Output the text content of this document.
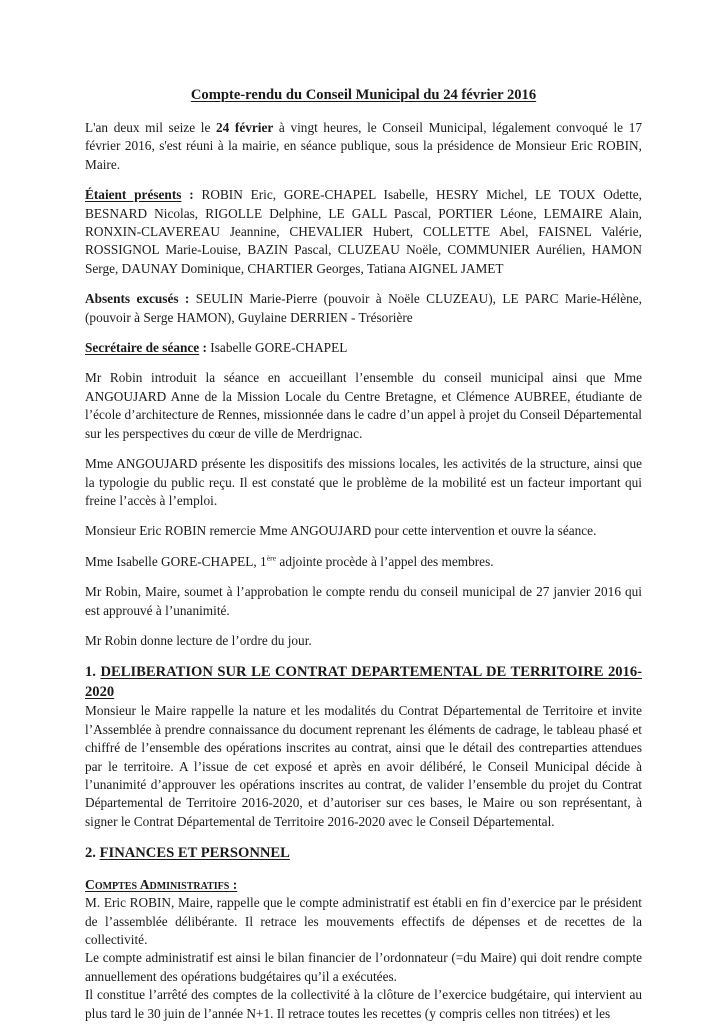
Compte-rendu du Conseil Municipal du 24 février 2016

L'an deux mil seize le 24 février à vingt heures, le Conseil Municipal, légalement convoqué le 17 février 2016, s'est réuni à la mairie, en séance publique, sous la présidence de Monsieur Eric ROBIN, Maire.

Étaient présents : ROBIN Eric, GORE-CHAPEL Isabelle, HESRY Michel, LE TOUX Odette, BESNARD Nicolas, RIGOLLE Delphine, LE GALL Pascal, PORTIER Léone, LEMAIRE Alain, RONXIN-CLAVEREAU Jeannine, CHEVALIER Hubert, COLLETTE Abel, FAISNEL Valérie, ROSSIGNOL Marie-Louise, BAZIN Pascal, CLUZEAU Noële, COMMUNIER Aurélien, HAMON Serge, DAUNAY Dominique, CHARTIER Georges, Tatiana AIGNEL JAMET

Absents excusés : SEULIN Marie-Pierre (pouvoir à Noële CLUZEAU), LE PARC Marie-Hélène, (pouvoir à Serge HAMON), Guylaine DERRIEN - Trésorière

Secrétaire de séance : Isabelle GORE-CHAPEL

Mr Robin introduit la séance en accueillant l’ensemble du conseil municipal ainsi que Mme ANGOUJARD Anne de la Mission Locale du Centre Bretagne, et Clémence AUBREE, étudiante de l’école d’architecture de Rennes, missionnée dans le cadre d’un appel à projet du Conseil Départemental sur les perspectives du cœur de ville de Merdrignac.

Mme ANGOUJARD présente les dispositifs des missions locales, les activités de la structure, ainsi que la typologie du public reçu. Il est constaté que le problème de la mobilité est un facteur important qui freine l’accès à l’emploi.

Monsieur Eric ROBIN remercie Mme ANGOUJARD pour cette intervention et ouvre la séance.

Mme Isabelle GORE-CHAPEL, 1ère adjointe procède à l’appel des membres.

Mr Robin, Maire, soumet à l’approbation le compte rendu du conseil municipal de 27 janvier 2016 qui est approuvé à l’unanimité.

Mr Robin donne lecture de l’ordre du jour.

1. DELIBERATION SUR LE CONTRAT DEPARTEMENTAL DE TERRITOIRE 2016-2020

Monsieur le Maire rappelle la nature et les modalités du Contrat Départemental de Territoire et invite l’Assemblée à prendre connaissance du document reprenant les éléments de cadrage, le tableau phasé et chiffré de l’ensemble des opérations inscrites au contrat, ainsi que le détail des contreparties attendues par le territoire. A l’issue de cet exposé et après en avoir délibéré, le Conseil Municipal décide à l’unanimité d’approuver les opérations inscrites au contrat, de valider l’ensemble du projet du Contrat Départemental de Territoire 2016-2020, et d’autoriser sur ces bases, le Maire ou son représentant, à signer le Contrat Départemental de Territoire 2016-2020 avec le Conseil Départemental.

2. FINANCES ET PERSONNEL
Comptes Administratifs :

M. Eric ROBIN, Maire, rappelle que le compte administratif est établi en fin d’exercice par le président de l’assemblée délibérante. Il retrace les mouvements effectifs de dépenses et de recettes de la collectivité.

Le compte administratif est ainsi le bilan financier de l’ordonnateur (=du Maire) qui doit rendre compte annuellement des opérations budgétaires qu’il a exécutées.

Il constitue l’arrêté des comptes de la collectivité à la clôture de l’exercice budgétaire, qui intervient au plus tard le 30 juin de l’année N+1. Il retrace toutes les recettes (y compris celles non titrées) et les
